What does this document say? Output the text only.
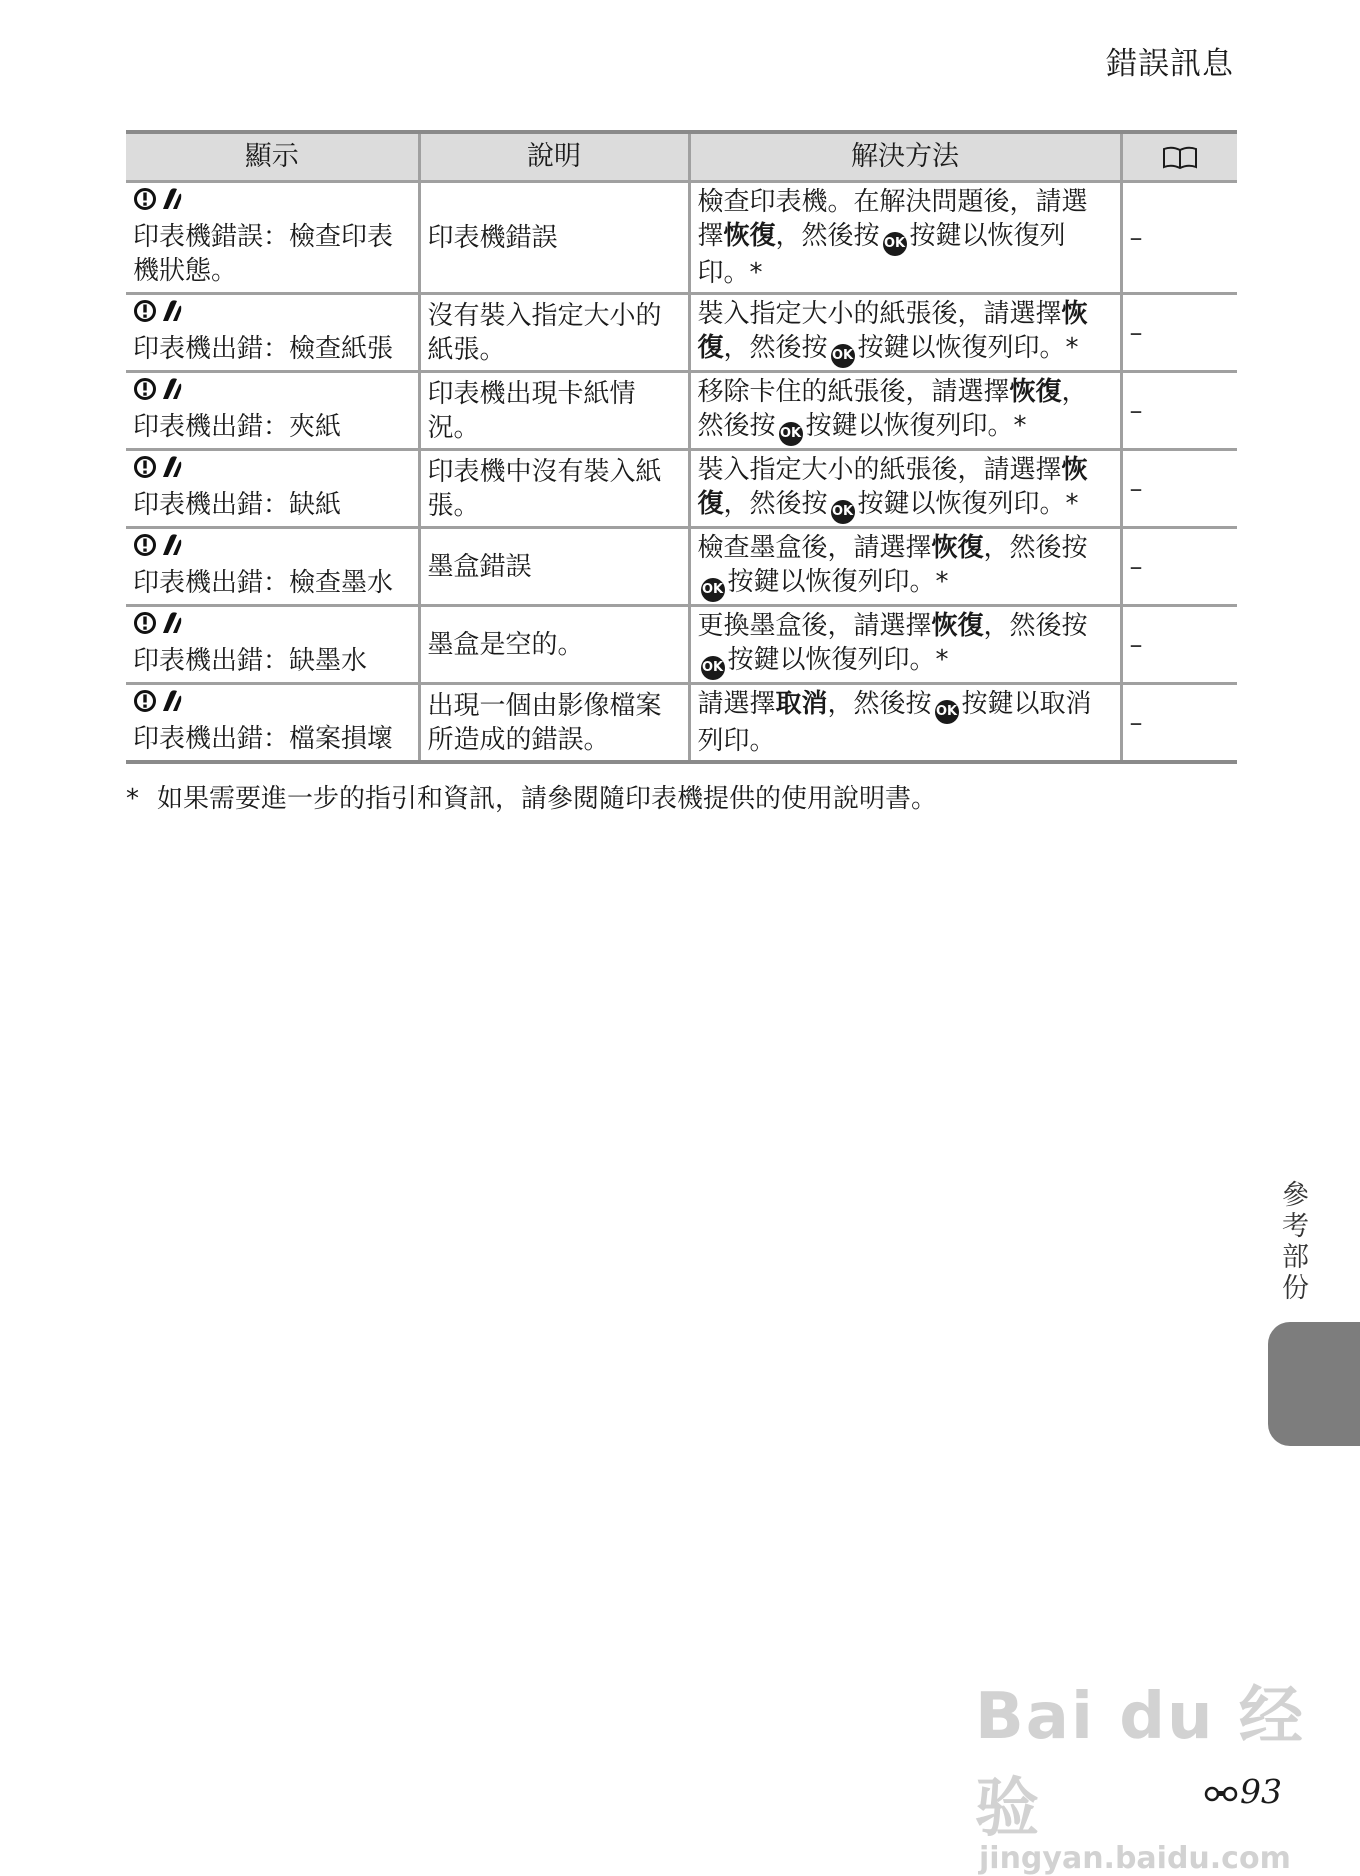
錯誤訊息
顯示	說明	解決方法	

印表機錯誤：檢查印表機狀態。	印表機錯誤	檢查印表機。在解決問題後，請選擇恢復，然後按 OK 按鍵以恢復列印。*	–

印表機出錯：檢查紙張	沒有裝入指定大小的紙張。	裝入指定大小的紙張後，請選擇恢復，然後按 OK 按鍵以恢復列印。*	–

印表機出錯：夾紙	印表機出現卡紙情況。	移除卡住的紙張後，請選擇恢復，然後按 OK 按鍵以恢復列印。*	–

印表機出錯：缺紙	印表機中沒有裝入紙張。	裝入指定大小的紙張後，請選擇恢復，然後按 OK 按鍵以恢復列印。*	–

印表機出錯：檢查墨水	墨盒錯誤	檢查墨盒後，請選擇恢復，然後按OK 按鍵以恢復列印。*	–

印表機出錯：缺墨水	墨盒是空的。	更換墨盒後，請選擇恢復，然後按OK 按鍵以恢復列印。*	–

印表機出錯：檔案損壞	出現一個由影像檔案所造成的錯誤。	請選擇取消，然後按 OK 按鍵以取消列印。	–
* 如果需要進一步的指引和資訊，請參閱隨印表機提供的使用說明書。
參考部份
Bai du 经验
jingyan.baidu.com
93
